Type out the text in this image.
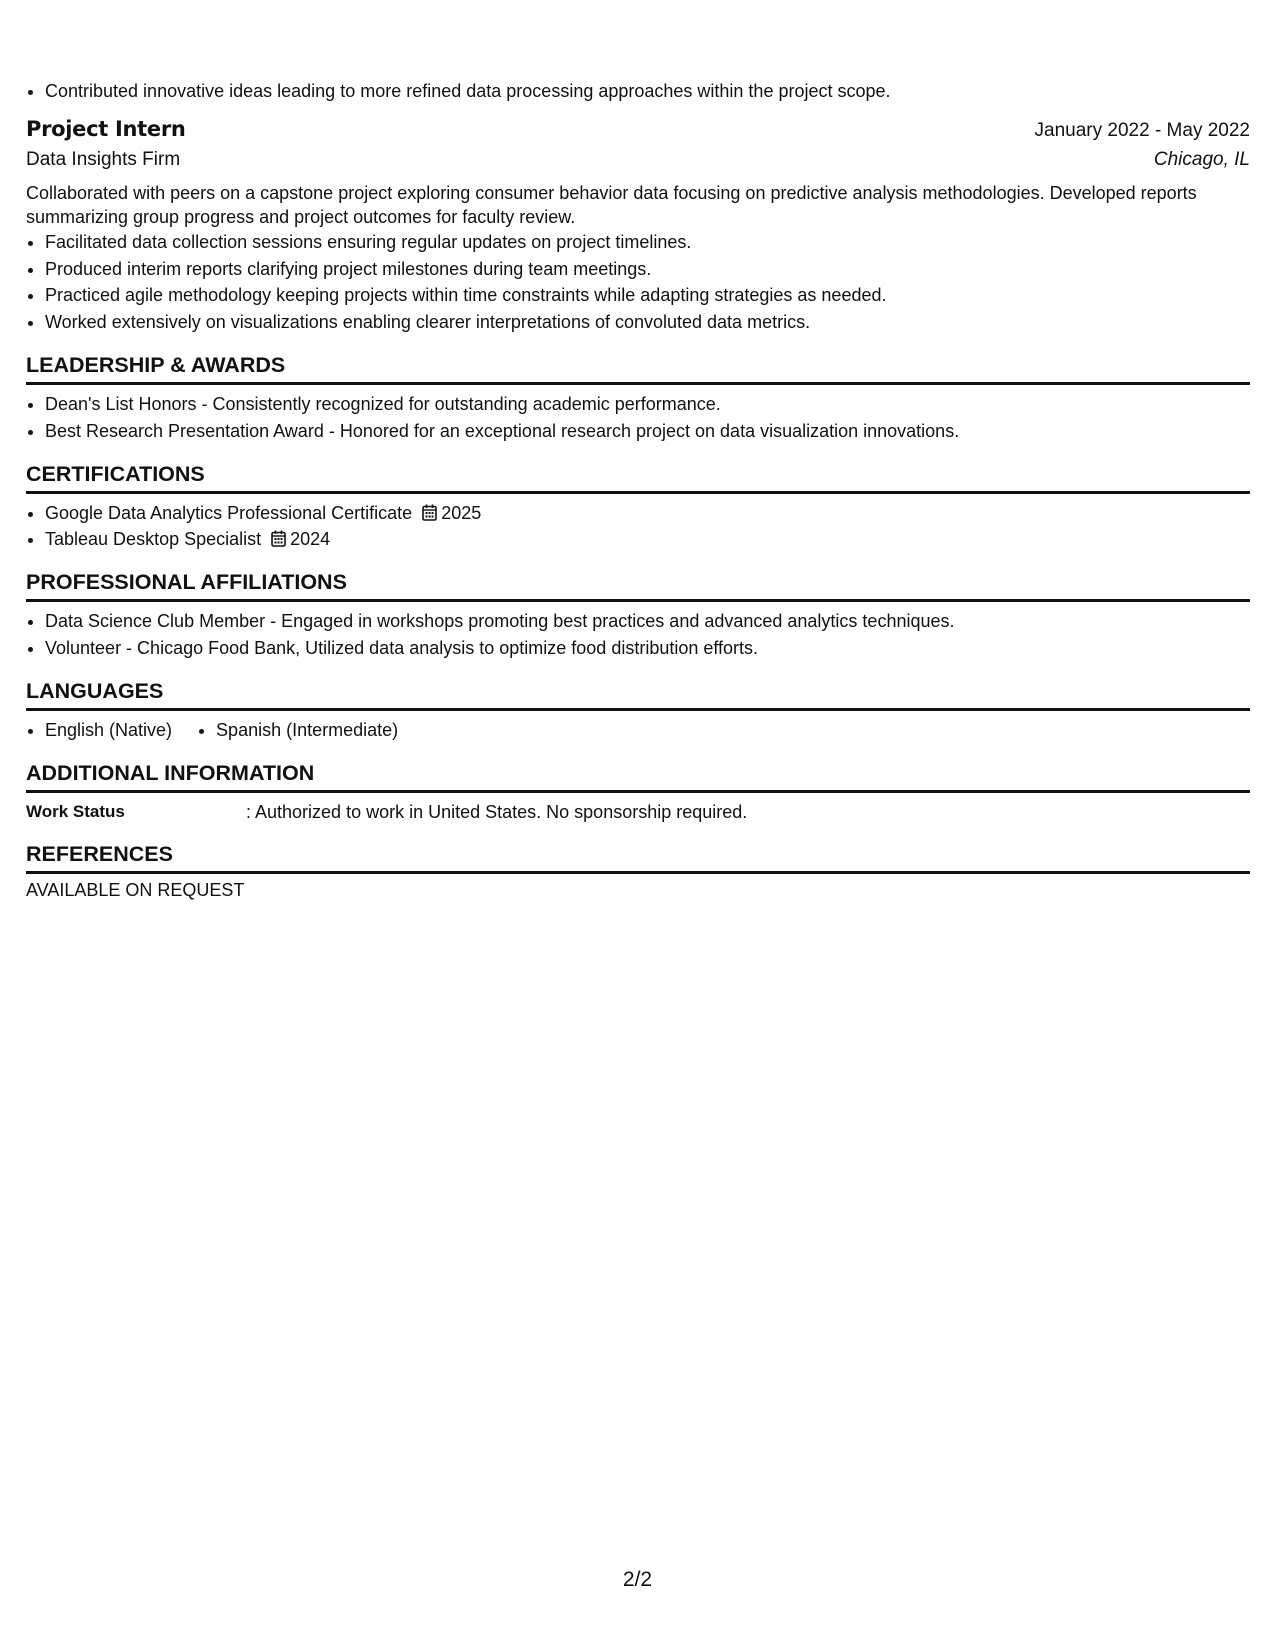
• Contributed innovative ideas leading to more refined data processing approaches within the project scope.
Project Intern	January 2022 - May 2022
Data Insights Firm	Chicago, IL
Collaborated with peers on a capstone project exploring consumer behavior data focusing on predictive analysis methodologies. Developed reports summarizing group progress and project outcomes for faculty review.
• Facilitated data collection sessions ensuring regular updates on project timelines.
• Produced interim reports clarifying project milestones during team meetings.
• Practiced agile methodology keeping projects within time constraints while adapting strategies as needed.
• Worked extensively on visualizations enabling clearer interpretations of convoluted data metrics.
LEADERSHIP & AWARDS
• Dean's List Honors - Consistently recognized for outstanding academic performance.
• Best Research Presentation Award - Honored for an exceptional research project on data visualization innovations.
CERTIFICATIONS
• Google Data Analytics Professional Certificate 2025
• Tableau Desktop Specialist 2024
PROFESSIONAL AFFILIATIONS
• Data Science Club Member - Engaged in workshops promoting best practices and advanced analytics techniques.
• Volunteer - Chicago Food Bank, Utilized data analysis to optimize food distribution efforts.
LANGUAGES
• English (Native)
• Spanish (Intermediate)
ADDITIONAL INFORMATION
Work Status	: Authorized to work in United States. No sponsorship required.
REFERENCES
AVAILABLE ON REQUEST
2/2
